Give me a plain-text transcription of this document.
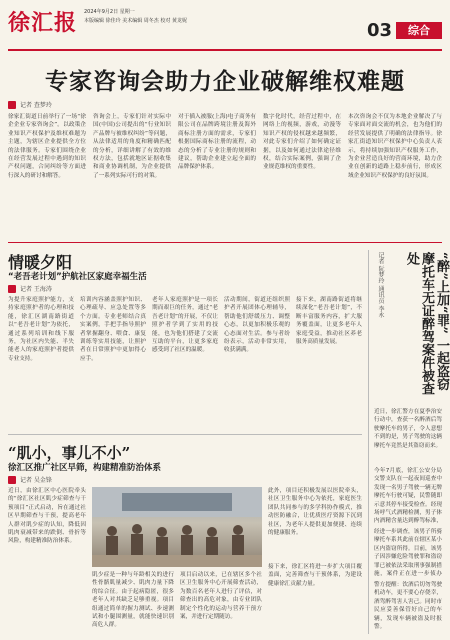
徐汇报 2024年9月2日 星期一
本版编辑 徐佳玲 美术编辑 周冬杰 校对 黄龙妮	03	综合
专家咨询会助力企业破解维权难题
记者 查梦玲
徐家汇街道日前举行了一场“徐企企业专家咨询会”。以政策企业知识产权保护及维权难题为主题，为辖区企业提供全方位的法律服务。专家们围绕企业在经营发展过程中遇到的知识产权问题，合同纠纷等方面进行深入的研讨和解答。
咨询会上，专家们针对实际中国(中国)公司提出的“行业知识产品牌与被维权纠纷”等问题，从法律适用的角度和精确匹配的分析，详细讲解了有效的维权方法，包括就地区证据收集和商业协调机制，为企业提供了一系列实际可行的对策。
对于插入被服(上海)电子商务有限公司在品牌跨境注册及海外商标注册方面的需求，专家们根据国际商标注册的流程，动态的分析了专业注册的规则和建议，帮助企业建立起全面的品牌保护体系。
数字化时代，经营过程中，在网络上的视频，游戏，动漫等知识产权的侵权越来越频繁，对此专家们介绍了如何确定证据，以及如何通过法律途径维权，结合实际案例，强调了企业规范维权的重要性。
本次咨询会不仅为本地企业解决了与专家面对面交流的机会，也为他们的经营发展提供了明确的法律指导。徐家汇街道知识产权保护中心负责人表示，将持续加强知识产权服务工作，为企业营造良好的营商环境，助力企业在创新的道路上稳步前行，形成区域企业知识产权保护的良好氛围。
情暖夕阳
“老吾老计划”护航社区家庭幸福生活
记者 王海涛
为提升家庭照护能力，支持家庭照护者的心理和技能，徐汇区湖南路街道以“老吾老计划”为依托，通过系列培训和线下服务，为社区内失能、半失能老人的家庭照护者提供专业支持。
培训内容涵盖照护知识、心理疏导、应急处置等多个方面。专业老师结合真实案例，手把手指导照护者掌握翻身、喂食、康复训练等实用技能，让照护者在日常照护中更加得心应手。
老年人家庭照护是一项长期而艰巨的任务，通过“老吾老计划”的开展，不仅让照护者学到了实用的技能，也为他们搭建了交流互助的平台，让更多家庭感受到了社区的温暖。
活动期间，街道还组织照护者开展团体心理辅导，帮助他们舒缓压力、调整心态，以更加积极乐观的心态面对生活。参与者纷纷表示，活动非常实用，收获满满。
接下来，湖南路街道将继续深化“老吾老计划”，不断丰富服务内容，扩大服务覆盖面，让更多老年人家庭受益，推动社区养老服务高质量发展。	“醉”上加“罪” 一起盗窃摩托车无证醉驾案件被查处
记者 阮梦玲 通讯员 李永
近日，徐汇警方在夏季治安行动中，查获一名醉酒后驾驶摩托车的男子，令人意想不到的是，男子驾驶的这辆摩托车竟然是其盗窃而来。
今年7月底，徐汇公安分局交警支队在一起夜间巡查中发现一名男子驾驶一辆无牌摩托车行驶可疑，民警随即示意其停车接受检查。经现场呼气式酒精检测，男子体内酒精含量达到醉驾标准，
经进一步调查，该男子所骑摩托车系其此前在辖区某小区内盗窃所得。目前，该男子因涉嫌危险驾驶罪和盗窃罪已被依法采取刑事强制措施，案件正在进一步侦办
警方提醒：饮酒后切勿驾驶机动车，更不要心存侥幸，酒驾醉驾害人害己。同时市民应妥善保管好自己的车辆，发现车辆被盗及时报警。
“肌小，事儿不小”
徐汇区推广社区早筛，构建精准防治体系
记者 吴金锋
近日，由徐汇区中心医院牵头的“徐汇区社区肌少症筛查与干预项目”正式启动，旨在通过社区早期筛查与干预，提高老年人群对肌少症的认知，降低因肌肉衰减带来的跌倒、骨折等风险，构建精准防治体系。
肌少症是一种与年龄相关的进行性骨骼肌量减少、肌肉力量下降的综合征。由于起病隐匿，很多老年人对其缺乏足够重视。项目组通过简单的握力测试、步速测试和小腿围测量，就能快速识别高危人群。
项目启动以来，已在辖区多个社区卫生服务中心开展筛查活动，为数百名老年人进行了评估，对筛查出的高危对象，由专业团队制定个性化的运动与营养干预方案，并进行定期随访。
此外，项目还积极发展以医院牵头，社区卫生服务中心为依托，家庭医生团队共同参与的多学科协作模式，推动医防融合，让优质医疗资源下沉到社区，为老年人提供更加便捷、连续的健康服务。
接下来，徐汇区将进一步扩大项目覆盖面，完善筛查与干预体系，为建设健康徐汇贡献力量。
